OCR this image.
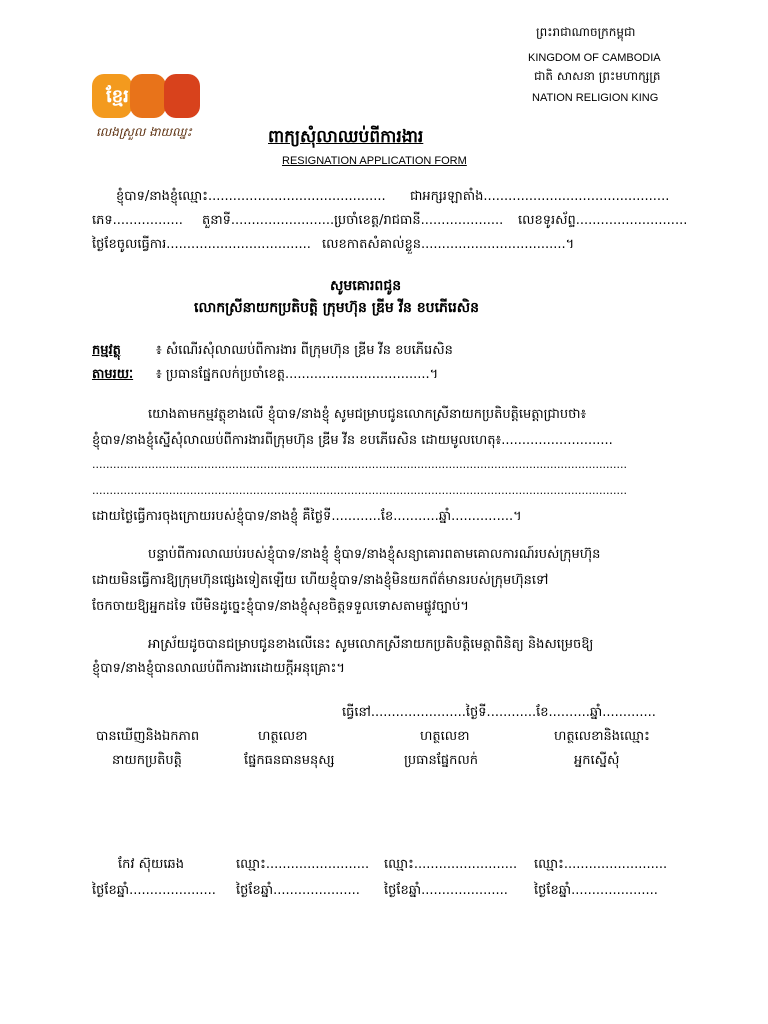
ព្រះរាជាណាចក្រកម្ពុជា
KINGDOM OF CAMBODIA
ជាតិ សាសនា ព្រះមហាក្សត្រ
NATION RELIGION KING
ខ្មែរ
លេងស្រួល ងាយឈ្នះ	ពាក្យសុំលាឈប់ពីការងារ
RESIGNATION APPLICATION FORM
ខ្ញុំបាទ/នាងខ្ញុំឈ្មោះ........................................... ជាអក្សរឡាតាំង.............................................
ភេទ................. តួនាទី...........................
ប្រចាំខេត្ត/រាជធានី.................... លេខទូរស័ព្ទ...........................
ថ្ងៃខែចូលធ្វើការ................................... លេខកាតសំគាល់ខ្លួន...................................។
សូមគោរពជូន
លោកស្រីនាយកប្រតិបត្តិ ក្រុមហ៊ុន ឌ្រីម វីន ខបភើរេសិន
កម្មវត្ថុ	៖ សំណើរសុំលាឈប់ពីការងារ ពីក្រុមហ៊ុន ឌ្រីម វីន ខបភើរេសិន
តាមរយៈ ៖ ប្រធានផ្នែកលក់ប្រចាំខេត្ត...................................។
យោងតាមកម្មវត្ថុខាងលើ ខ្ញុំបាទ/នាងខ្ញុំ សូមជម្រាបជូនលោកស្រីនាយកប្រតិបត្តិមេត្តាជ្រាបថា៖
ខ្ញុំបាទ/នាងខ្ញុំស្នើសុំលាឈប់ពីការងារពីក្រុមហ៊ុន ឌ្រីម វីន ខបភើរេសិន ដោយមូលហេតុ៖...........................
.........................................................................................................................................................
.........................................................................................................................................................
ដោយថ្ងៃធ្វើការចុងក្រោយរបស់ខ្ញុំបាទ/នាងខ្ញុំ គឺថ្ងៃទី............ខែ...........ឆ្នាំ...............។
បន្ទាប់ពីការលាឈប់របស់ខ្ញុំបាទ/នាងខ្ញុំ ខ្ញុំបាទ/នាងខ្ញុំសន្យាគោរពតាមគោលការណ៍របស់ក្រុមហ៊ុន
ដោយមិនធ្វើការឱ្យក្រុមហ៊ុនផ្សេងទៀតឡើយ ហើយខ្ញុំបាទ/នាងខ្ញុំមិនយកព័ត៌មានរបស់ក្រុមហ៊ុនទៅ
ចែកចាយឱ្យអ្នកដទៃ បើមិនដូច្នេះខ្ញុំបាទ/នាងខ្ញុំសុខចិត្តទទួលទោសតាមផ្លូវច្បាប់។
អាស្រ័យដូចបានជម្រាបជូនខាងលើនេះ សូមលោកស្រីនាយកប្រតិបត្តិមេត្តាពិនិត្យ និងសម្រេចឱ្យ
ខ្ញុំបាទ/នាងខ្ញុំបានលាឈប់ពីការងារដោយក្តីអនុគ្រោះ។
ធ្វើនៅ.......................ថ្ងៃទី............ខែ..........ឆ្នាំ.............
បានឃើញនិងឯកភាព	ហត្ថលេខា	ហត្ថលេខា	ហត្ថលេខានិងឈ្មោះ
នាយកប្រតិបត្តិ	ផ្នែកធនធានមនុស្ស	ប្រធានផ្នែកលក់	អ្នកស្នើសុំ
កែវ ស៊ុយឆេង	ឈ្មោះ......................... ឈ្មោះ......................... ឈ្មោះ.........................
ថ្ងៃខែឆ្នាំ..................... ថ្ងៃខែឆ្នាំ..................... ថ្ងៃខែឆ្នាំ..................... ថ្ងៃខែឆ្នាំ.....................
